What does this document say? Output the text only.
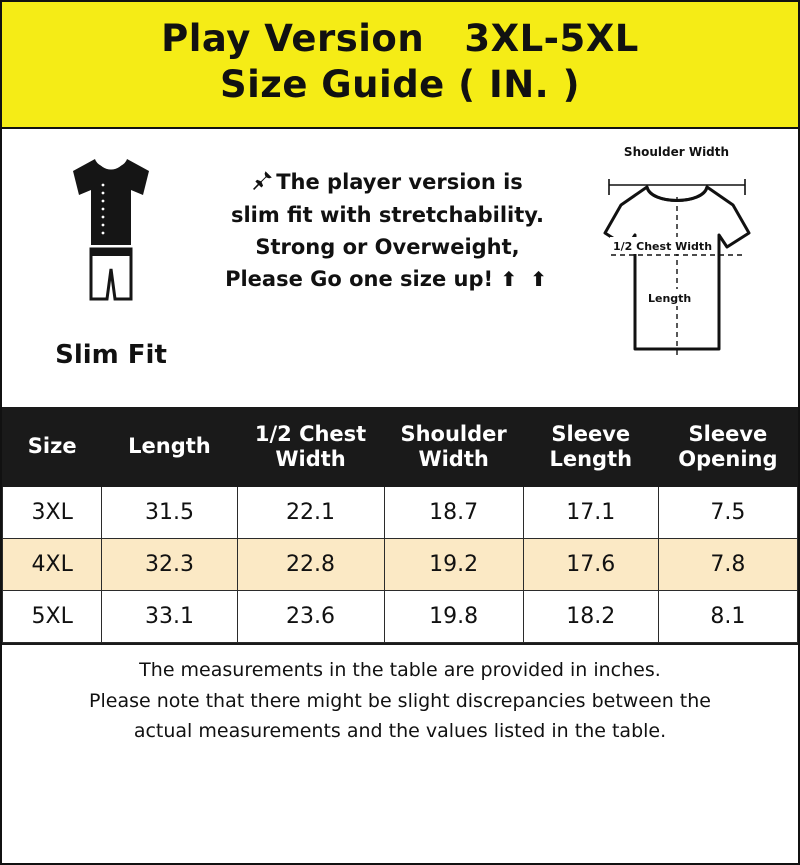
Play Version   3XL-5XL
Size Guide ( IN. )
Slim Fit
The player version is
slim fit with stretchability.
Strong or Overweight,
Please Go one size up! ⬆ ⬆
Shoulder Width
1/2 Chest Width
Length
Size	Length	1/2 Chest Width	Shoulder Width	Sleeve Length	Sleeve Opening
3XL	31.5	22.1	18.7	17.1	7.5
4XL	32.3	22.8	19.2	17.6	7.8
5XL	33.1	23.6	19.8	18.2	8.1
The measurements in the table are provided in inches.
Please note that there might be slight discrepancies between the
actual measurements and the values listed in the table.
